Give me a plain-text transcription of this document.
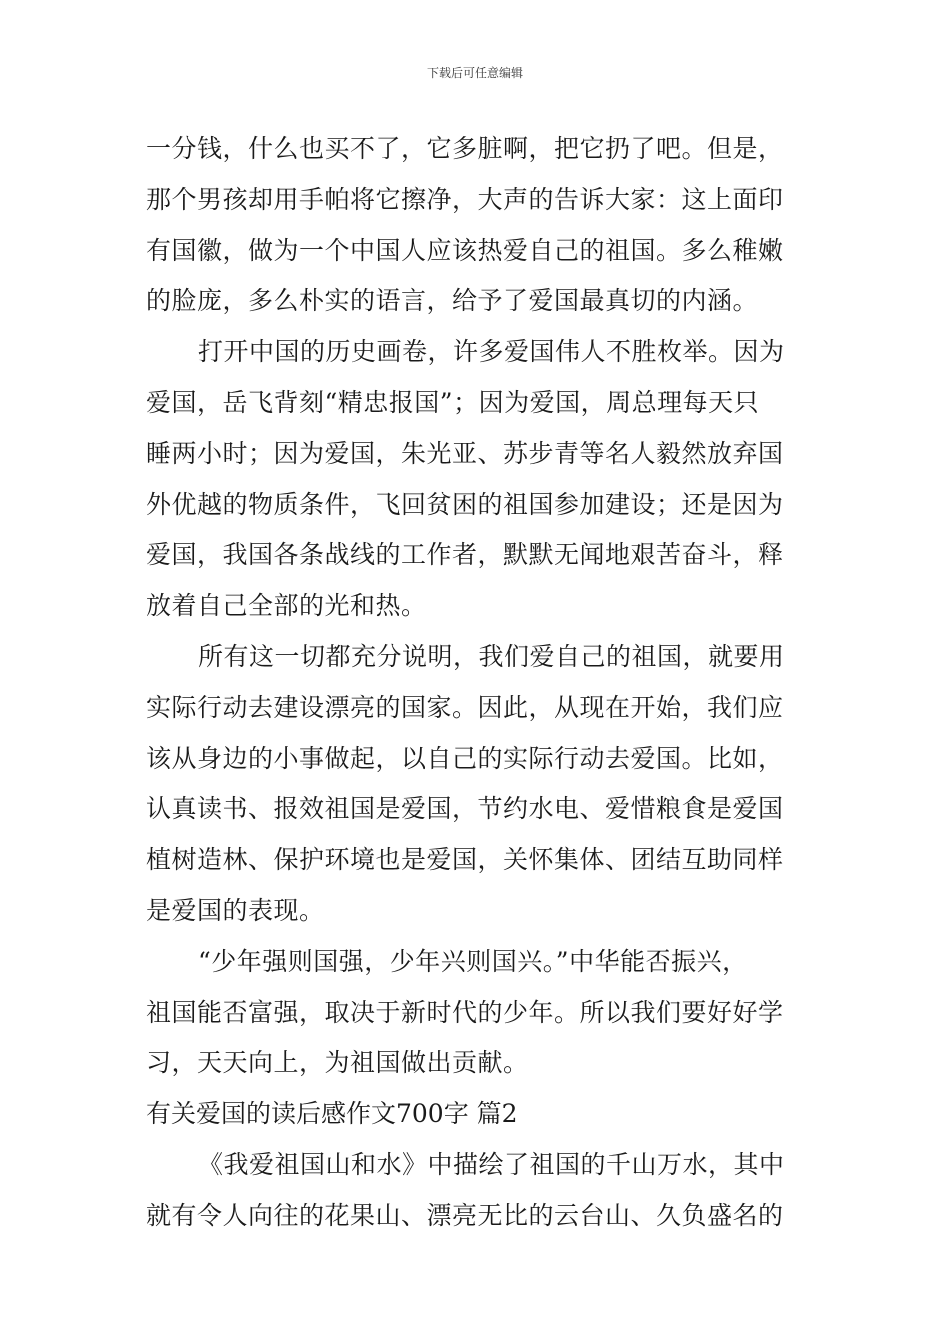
下载后可任意编辑
一分钱，什么也买不了，它多脏啊，把它扔了吧。但是，
那个男孩却用手帕将它擦净，大声的告诉大家：这上面印
有国徽，做为一个中国人应该热爱自己的祖国。多么稚嫩
的脸庞，多么朴实的语言，给予了爱国最真切的内涵。
打开中国的历史画卷，许多爱国伟人不胜枚举。因为
爱国，岳飞背刻“精忠报国”；因为爱国，周总理每天只
睡两小时；因为爱国，朱光亚、苏步青等名人毅然放弃国
外优越的物质条件，飞回贫困的祖国参加建设；还是因为
爱国，我国各条战线的工作者，默默无闻地艰苦奋斗，释
放着自己全部的光和热。
所有这一切都充分说明，我们爱自己的祖国，就要用
实际行动去建设漂亮的国家。因此，从现在开始，我们应
该从身边的小事做起，以自己的实际行动去爱国。比如，
认真读书、报效祖国是爱国，节约水电、爱惜粮食是爱国
植树造林、保护环境也是爱国，关怀集体、团结互助同样
是爱国的表现。
“少年强则国强，少年兴则国兴。”中华能否振兴，
祖国能否富强，取决于新时代的少年。所以我们要好好学
习，天天向上，为祖国做出贡献。
有关爱国的读后感作文700字 篇2
《我爱祖国山和水》中描绘了祖国的千山万水，其中
就有令人向往的花果山、漂亮无比的云台山、久负盛名的
